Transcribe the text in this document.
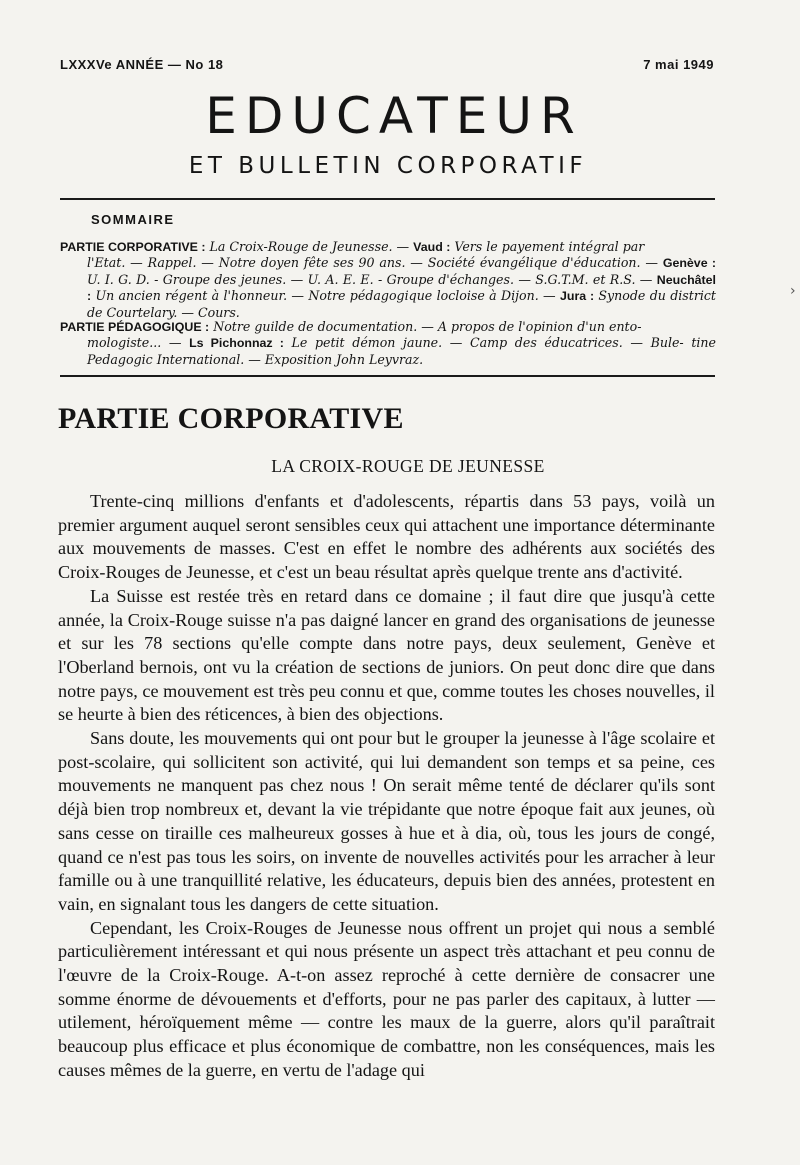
LXXXVe ANNÉE — No 18	7 mai 1949
EDUCATEUR
ET BULLETIN CORPORATIF
SOMMAIRE
PARTIE CORPORATIVE : La Croix-Rouge de Jeunesse. — Vaud : Vers le payement intégral par
l'Etat. — Rappel. — Notre doyen fête ses 90 ans. — Société évangélique d'éducation. — Genève : U. I. G. D. - Groupe des jeunes. — U. A. E. E. - Groupe d'échanges. — S.G.T.M. et R.S. — Neuchâtel : Un ancien régent à l'honneur. — Notre pédagogique locloise à Dijon. — Jura : Synode du district de Courtelary. — Cours.
PARTIE PÉDAGOGIQUE : Notre guilde de documentation. — A propos de l'opinion d'un ento-
mologiste... — Ls Pichonnaz : Le petit démon jaune. — Camp des éducatrices. — Bule- tine Pedagogic International. — Exposition John Leyvraz.
PARTIE CORPORATIVE
LA CROIX-ROUGE DE JEUNESSE

Trente-cinq millions d'enfants et d'adolescents, répartis dans 53 pays, voilà un premier argument auquel seront sensibles ceux qui attachent une importance déterminante aux mouvements de masses. C'est en effet le nombre des adhérents aux sociétés des Croix-Rouges de Jeunesse, et c'est un beau résultat après quelque trente ans d'activité.

La Suisse est restée très en retard dans ce domaine ; il faut dire que jusqu'à cette année, la Croix-Rouge suisse n'a pas daigné lancer en grand des organisations de jeunesse et sur les 78 sections qu'elle compte dans notre pays, deux seulement, Genève et l'Oberland bernois, ont vu la création de sections de juniors. On peut donc dire que dans notre pays, ce mouvement est très peu connu et que, comme toutes les choses nouvelles, il se heurte à bien des réticences, à bien des objections.

Sans doute, les mouvements qui ont pour but le grouper la jeunesse à l'âge scolaire et post-scolaire, qui sollicitent son activité, qui lui demandent son temps et sa peine, ces mouvements ne manquent pas chez nous ! On serait même tenté de déclarer qu'ils sont déjà bien trop nombreux et, devant la vie trépidante que notre époque fait aux jeunes, où sans cesse on tiraille ces malheureux gosses à hue et à dia, où, tous les jours de congé, quand ce n'est pas tous les soirs, on invente de nouvelles activités pour les arracher à leur famille ou à une tranquillité relative, les éducateurs, depuis bien des années, protestent en vain, en signalant tous les dangers de cette situation.

Cependant, les Croix-Rouges de Jeunesse nous offrent un projet qui nous a semblé particulièrement intéressant et qui nous présente un aspect très attachant et peu connu de l'œuvre de la Croix-Rouge. A-t-on assez reproché à cette dernière de consacrer une somme énorme de dévouements et d'efforts, pour ne pas parler des capitaux, à lutter — utilement, héroïquement même — contre les maux de la guerre, alors qu'il paraîtrait beaucoup plus efficace et plus économique de combattre, non les conséquences, mais les causes mêmes de la guerre, en vertu de l'adage qui

›
